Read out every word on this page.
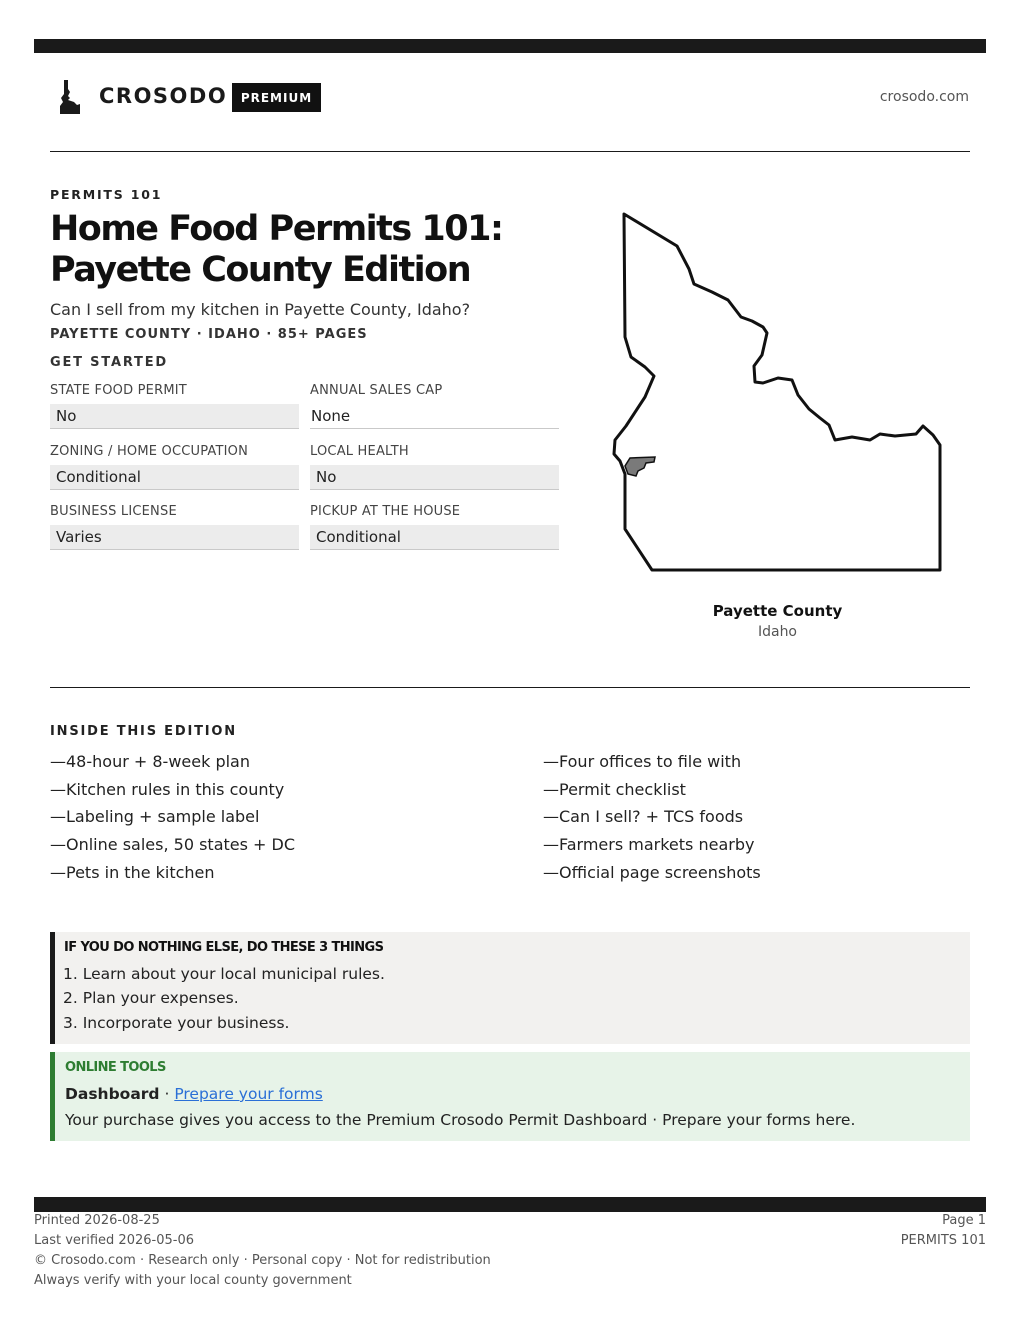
CROSODO	PREMIUM	crosodo.com
PERMITS 101
Home Food Permits 101: Payette County Edition
Can I sell from my kitchen in Payette County, Idaho?
PAYETTE COUNTY · IDAHO · 85+ PAGES
GET STARTED
STATE FOOD PERMIT
No
ANNUAL SALES CAP
None
ZONING / HOME OCCUPATION
Conditional
LOCAL HEALTH
No
BUSINESS LICENSE
Varies
PICKUP AT THE HOUSE
Conditional
Payette County
Idaho
INSIDE THIS EDITION
—48-hour + 8-week plan
—Kitchen rules in this county
—Labeling + sample label
—Online sales, 50 states + DC
—Pets in the kitchen
—Four offices to file with
—Permit checklist
—Can I sell? + TCS foods
—Farmers markets nearby
—Official page screenshots
IF YOU DO NOTHING ELSE, DO THESE 3 THINGS
1. Learn about your local municipal rules.
2. Plan your expenses.
3. Incorporate your business.
ONLINE TOOLS
Dashboard · Prepare your forms
Your purchase gives you access to the Premium Crosodo Permit Dashboard · Prepare your forms here.
Printed 2026-08-25
Last verified 2026-05-06
© Crosodo.com · Research only · Personal copy · Not for redistribution
Always verify with your local county government
Page 1
PERMITS 101
